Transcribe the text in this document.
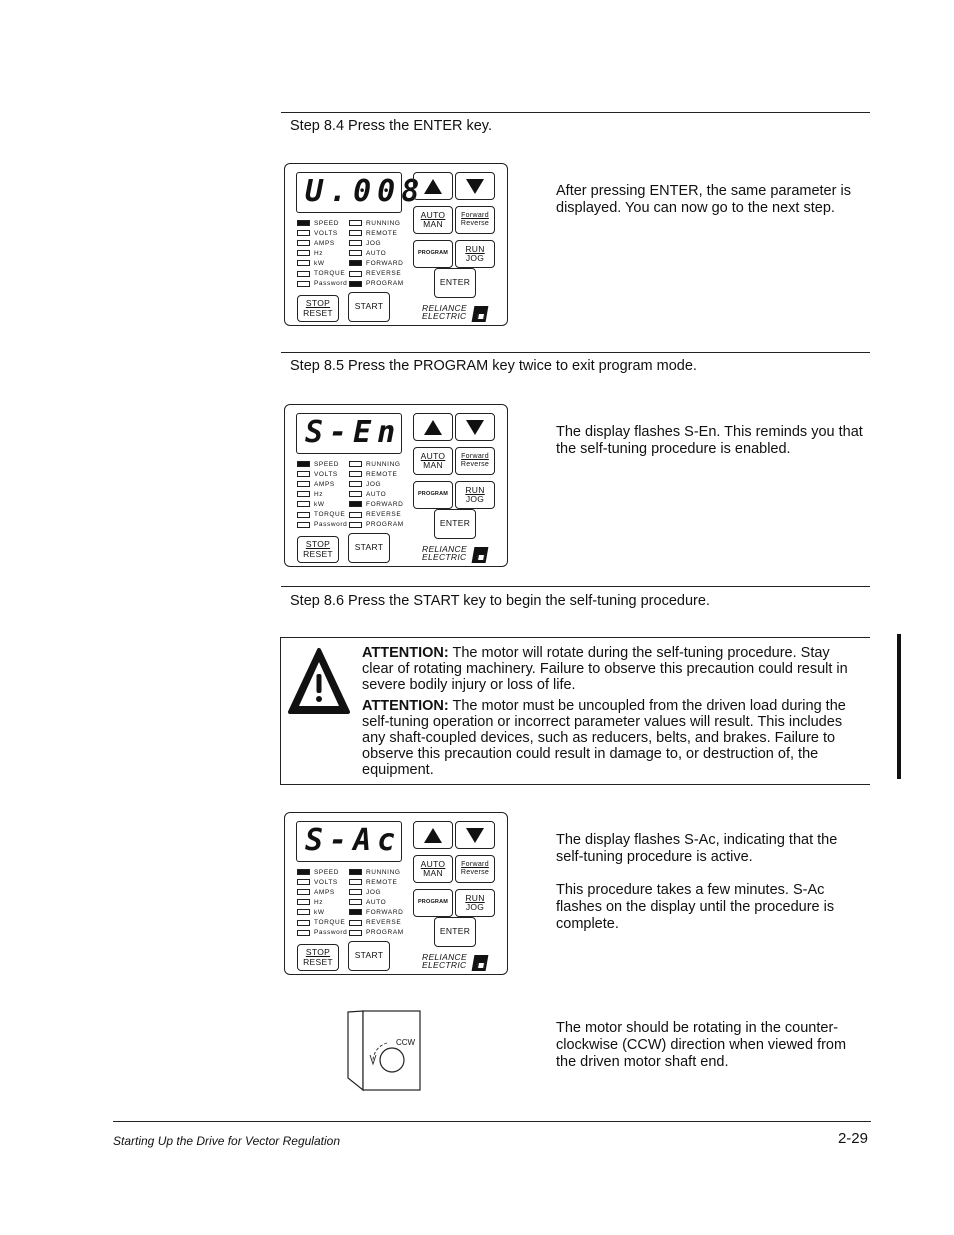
Step 8.4 Press the ENTER key.
U.008
SPEED
VOLTS
AMPS
Hz
kW
TORQUE
Password
RUNNING
REMOTE
JOG
AUTO
FORWARD
REVERSE
PROGRAM
AUTO
MAN
Forward
Reverse
PROGRAM RUN
JOG
ENTER
STOP
RESET
START	RELIANCE
ELECTRIC

After pressing ENTER, the same parameter is displayed. You can now go to the next step.

Step 8.5 Press the PROGRAM key twice to exit program mode.
S-En
SPEED
VOLTS
AMPS
Hz
kW
TORQUE
Password
RUNNING
REMOTE
JOG
AUTO
FORWARD
REVERSE
PROGRAM
AUTO
MAN
Forward
Reverse
PROGRAM RUN
JOG
ENTER
STOP
RESET
START	RELIANCE
ELECTRIC

The display flashes S-En. This reminds you that the self-tuning procedure is enabled.

Step 8.6 Press the START key to begin the self-tuning procedure.

ATTENTION: The motor will rotate during the self-tuning procedure. Stay clear of rotating machinery. Failure to observe this precaution could result in severe bodily injury or loss of life.

ATTENTION: The motor must be uncoupled from the driven load during the self-tuning operation or incorrect parameter values will result. This includes any shaft-coupled devices, such as reducers, belts, and brakes. Failure to observe this precaution could result in damage to, or destruction of, the equipment.

S-Ac
SPEED
VOLTS
AMPS
Hz
kW
TORQUE
Password
RUNNING
REMOTE
JOG
AUTO
FORWARD
REVERSE
PROGRAM
AUTO
MAN
Forward
Reverse
PROGRAM RUN
JOG
ENTER
STOP
RESET
START	RELIANCE
ELECTRIC

The display flashes S-Ac, indicating that the self-tuning procedure is active.

This procedure takes a few minutes. S-Ac flashes on the display until the procedure is complete.

CCW

The motor should be rotating in the counter-clockwise (CCW) direction when viewed from the driven motor shaft end.

Starting Up the Drive for Vector Regulation	2-29
